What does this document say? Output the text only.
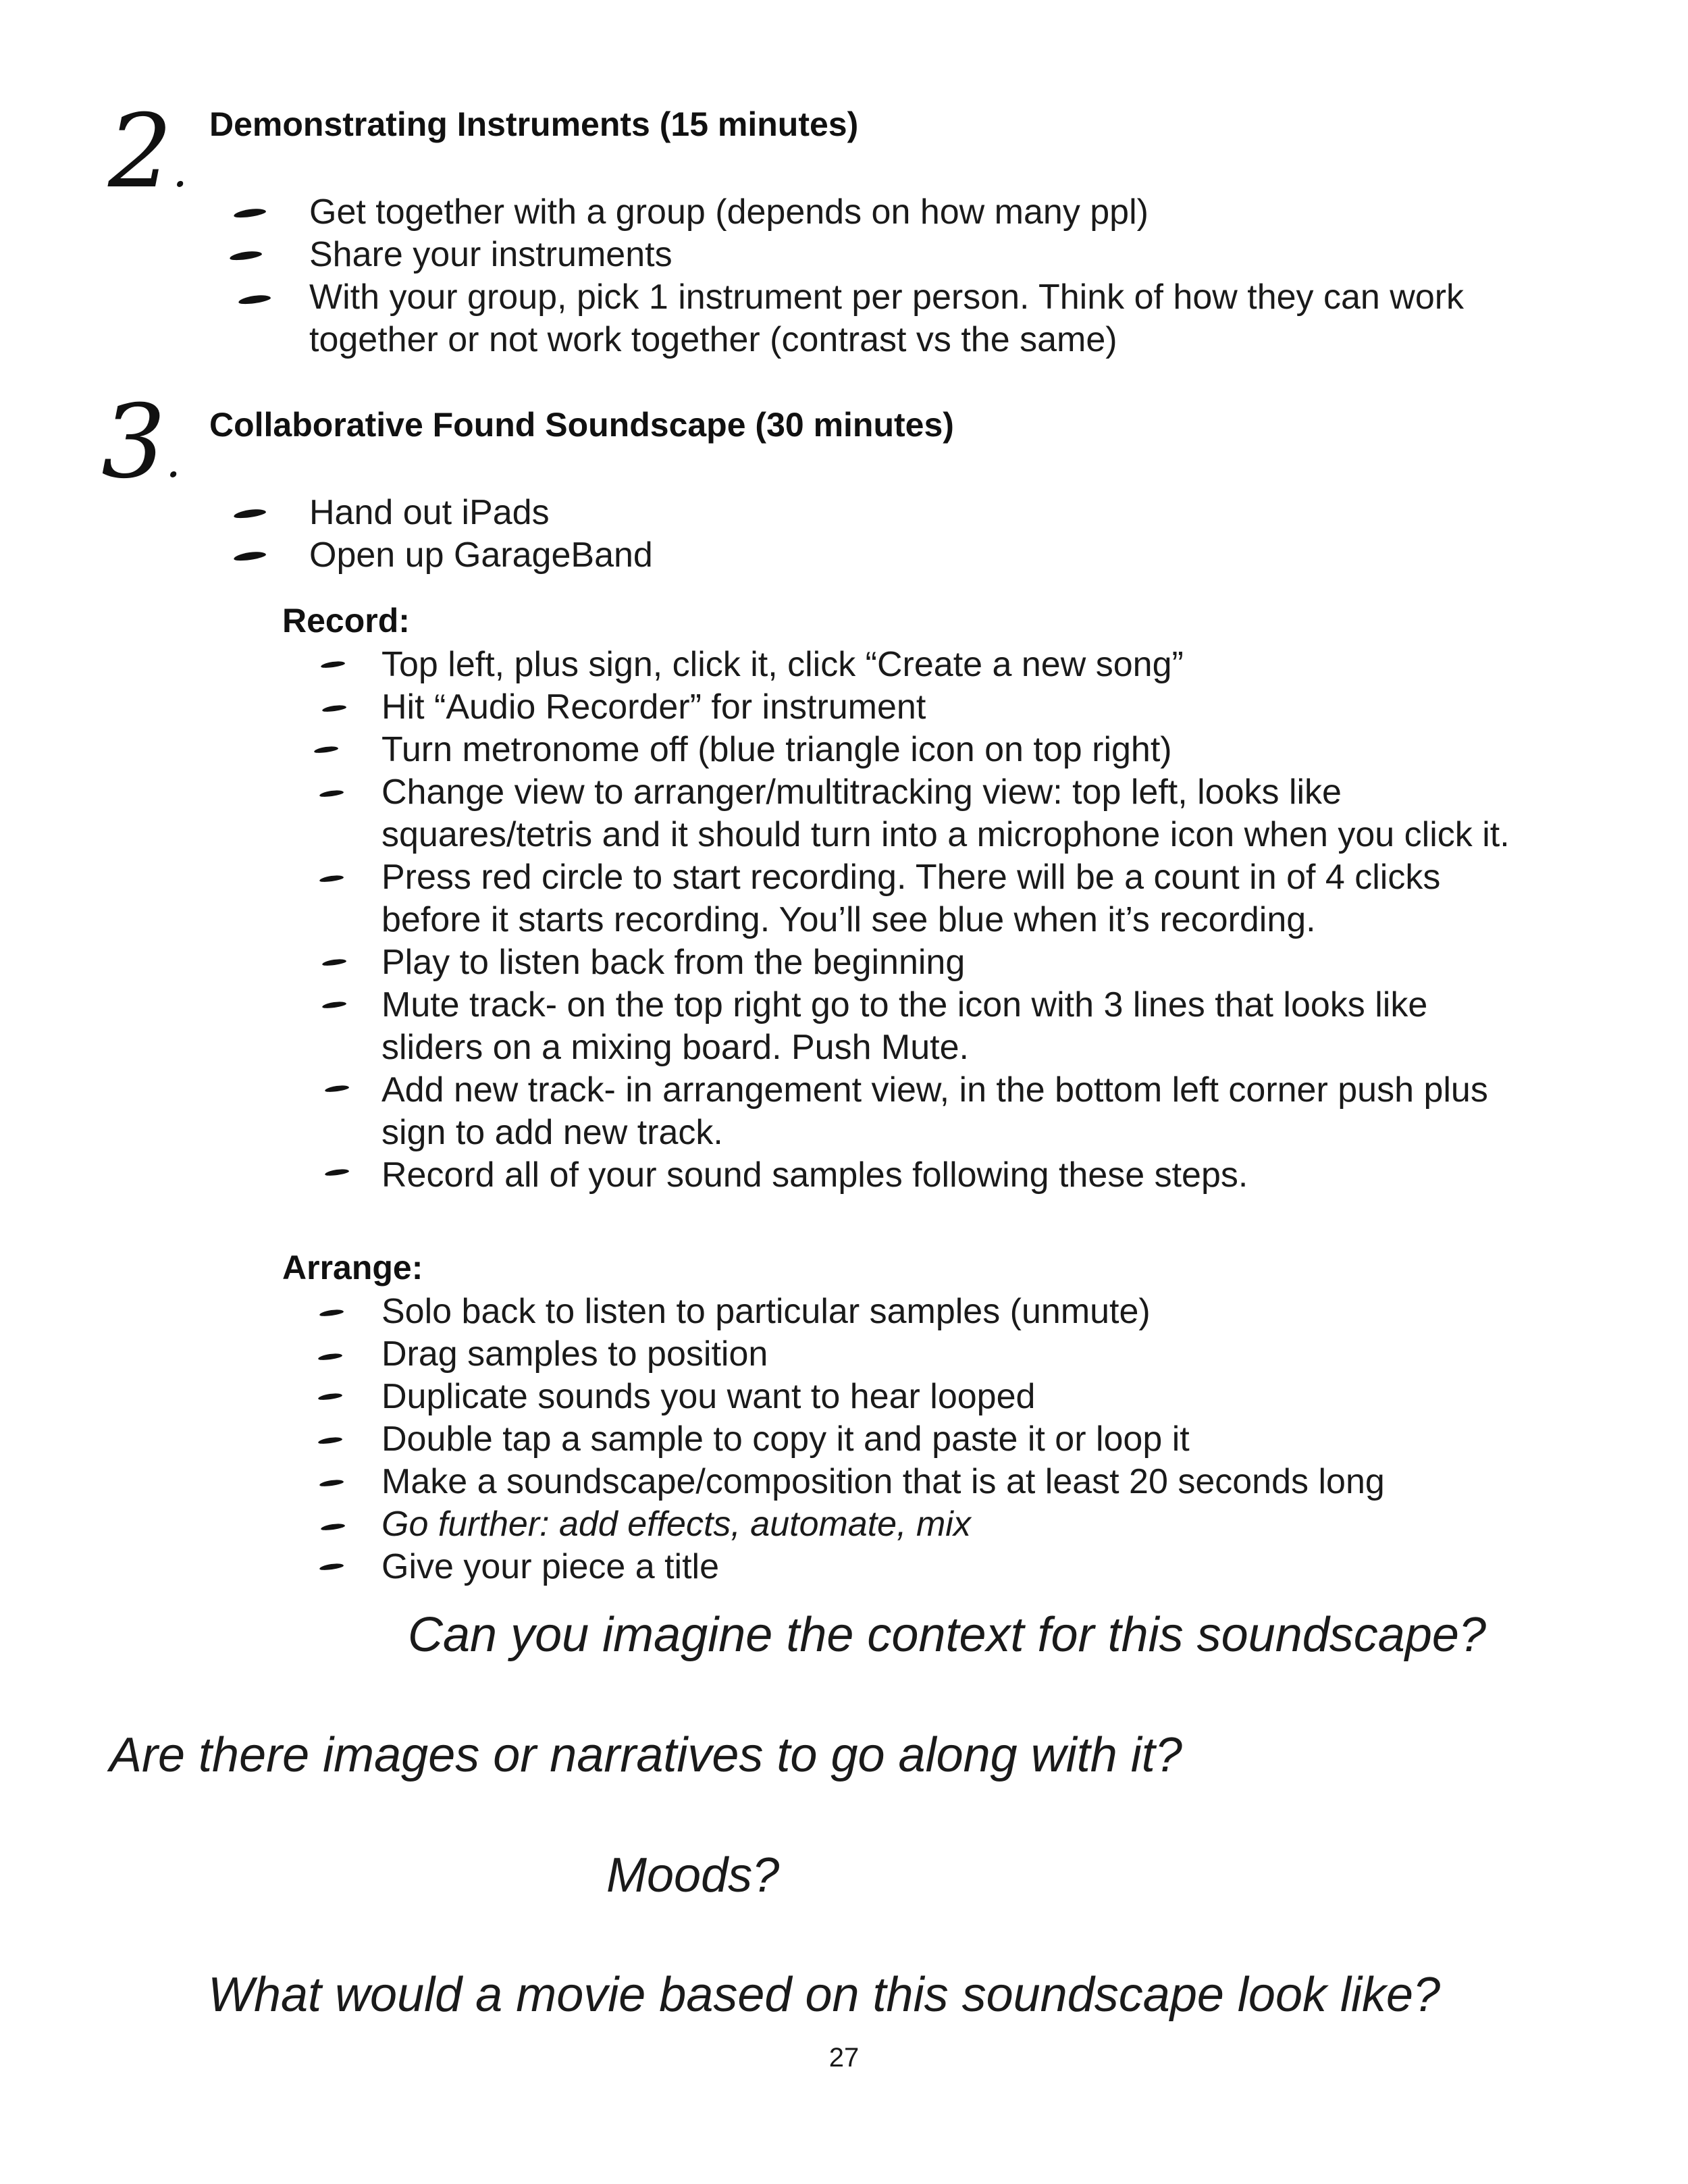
2.
Demonstrating Instruments (15 minutes)
Get together with a group (depends on how many ppl)
Share your instruments
With your group, pick 1 instrument per person. Think of how they can work
together or not work together (contrast vs the same)
3.
Collaborative Found Soundscape (30 minutes)
Hand out iPads
Open up GarageBand
Record:
Top left, plus sign, click it, click “Create a new song”
Hit “Audio Recorder” for instrument
Turn metronome off (blue triangle icon on top right)
Change view to arranger/multitracking view: top left, looks like
squares/tetris and it should turn into a microphone icon when you click it.
Press red circle to start recording. There will be a count in of 4 clicks
before it starts recording. You’ll see blue when it’s recording.
Play to listen back from the beginning
Mute track- on the top right go to the icon with 3 lines that looks like
sliders on a mixing board. Push Mute.
Add new track- in arrangement view, in the bottom left corner push plus
sign to add new track.
Record all of your sound samples following these steps.
Arrange:
Solo back to listen to particular samples (unmute)
Drag samples to position
Duplicate sounds you want to hear looped
Double tap a sample to copy it and paste it or loop it
Make a soundscape/composition that is at least 20 seconds long
Go further: add effects, automate, mix
Give your piece a title
Can you imagine the context for this soundscape?
Are there images or narratives to go along with it?
Moods?
What would a movie based on this soundscape look like?
27
